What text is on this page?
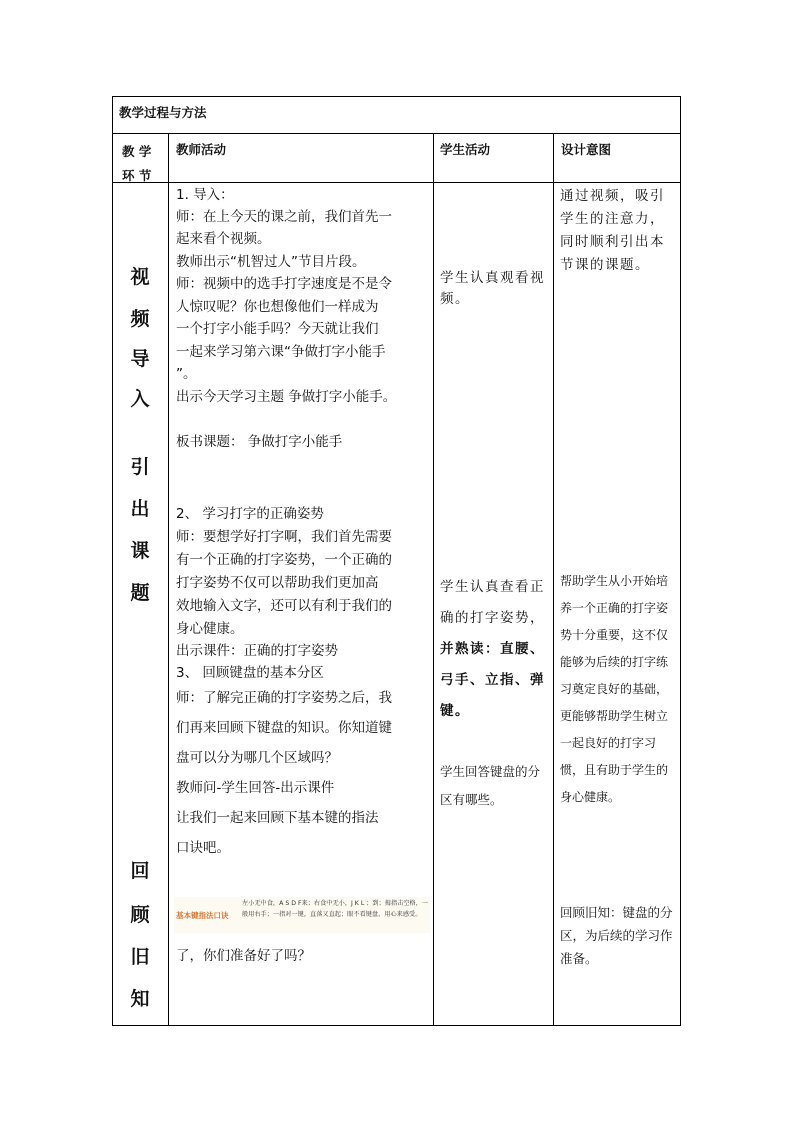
教学过程与方法
教 学
环 节
教师活动	学生活动	设计意图
视
频
导
入
引
出
课
题
回
顾
旧
知
1. 导入：
师：在上今天的课之前，我们首先一
起来看个视频。
教师出示“机智过人”节目片段。
师：视频中的选手打字速度是不是令
人惊叹呢？你也想像他们一样成为
一个打字小能手吗？今天就让我们
一起来学习第六课“争做打字小能手
”。
出示今天学习主题 争做打字小能手。
板书课题： 争做打字小能手
2、 学习打字的正确姿势
师：要想学好打字啊，我们首先需要
有一个正确的打字姿势，一个正确的
打字姿势不仅可以帮助我们更加高
效地输入文字，还可以有利于我们的
身心健康。
出示课件：正确的打字姿势
3、 回顾键盘的基本分区
师：了解完正确的打字姿势之后，我
们再来回顾下键盘的知识。你知道键
盘可以分为哪几个区域吗？
教师问-学生回答-出示课件
让我们一起来回顾下基本键的指法
口诀吧。
了，你们准备好了吗？
基本键指法口诀
左小无中食，A S D F来；右食中无小，J K L ；到；拇指击空格，一般用右手；一指对一键，直落又直起；眼不看键盘，用心来感受。
学生认真观看视频。
学生认真查看正确的打字姿势，并熟读：直腰、弓手、立指、弹键。
学生回答键盘的分区有哪些。
通过视频，吸引学生的注意力，同时顺利引出本节课的课题。
帮助学生从小开始培养一个正确的打字姿势十分重要，这不仅能够为后续的打字练习奠定良好的基础，更能够帮助学生树立一起良好的打字习惯，且有助于学生的身心健康。
回顾旧知：键盘的分区，为后续的学习作准备。
